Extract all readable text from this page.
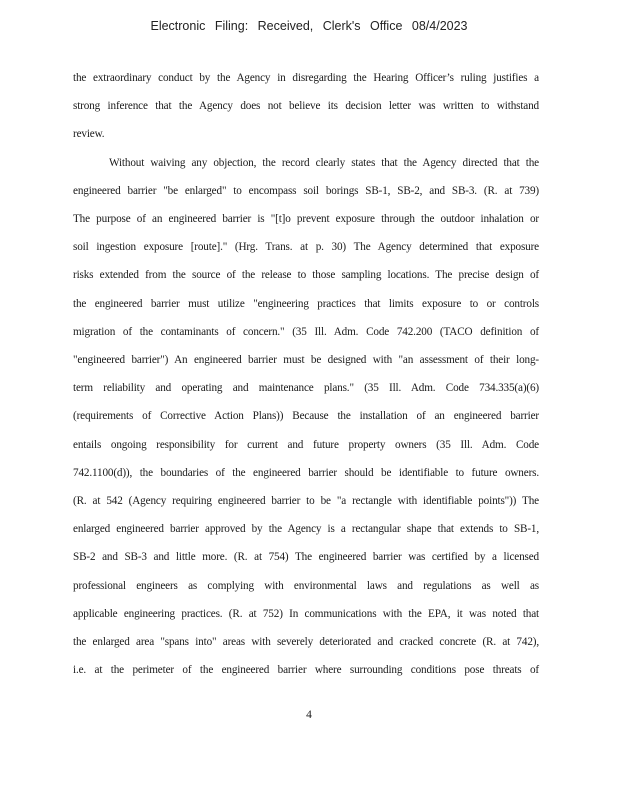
Electronic Filing: Received, Clerk's Office 08/4/2023
the extraordinary conduct by the Agency in disregarding the Hearing Officer’s ruling justifies a
strong inference that the Agency does not believe its decision letter was written to withstand
review.
Without waiving any objection, the record clearly states that the Agency directed that the
engineered barrier "be enlarged" to encompass soil borings SB-1, SB-2, and SB-3. (R. at 739)
The purpose of an engineered barrier is "[t]o prevent exposure through the outdoor inhalation or
soil ingestion exposure [route]." (Hrg. Trans. at p. 30) The Agency determined that exposure
risks extended from the source of the release to those sampling locations. The precise design of
the engineered barrier must utilize "engineering practices that limits exposure to or controls
migration of the contaminants of concern." (35 Ill. Adm. Code 742.200 (TACO definition of
"engineered barrier") An engineered barrier must be designed with "an assessment of their long-
term reliability and operating and maintenance plans." (35 Ill. Adm. Code 734.335(a)(6)
(requirements of Corrective Action Plans)) Because the installation of an engineered barrier
entails ongoing responsibility for current and future property owners (35 Ill. Adm. Code
742.1100(d)), the boundaries of the engineered barrier should be identifiable to future owners.
(R. at 542 (Agency requiring engineered barrier to be "a rectangle with identifiable points")) The
enlarged engineered barrier approved by the Agency is a rectangular shape that extends to SB-1,
SB-2 and SB-3 and little more. (R. at 754) The engineered barrier was certified by a licensed
professional engineers as complying with environmental laws and regulations as well as
applicable engineering practices. (R. at 752) In communications with the EPA, it was noted that
the enlarged area "spans into" areas with severely deteriorated and cracked concrete (R. at 742),
i.e. at the perimeter of the engineered barrier where surrounding conditions pose threats of
4
